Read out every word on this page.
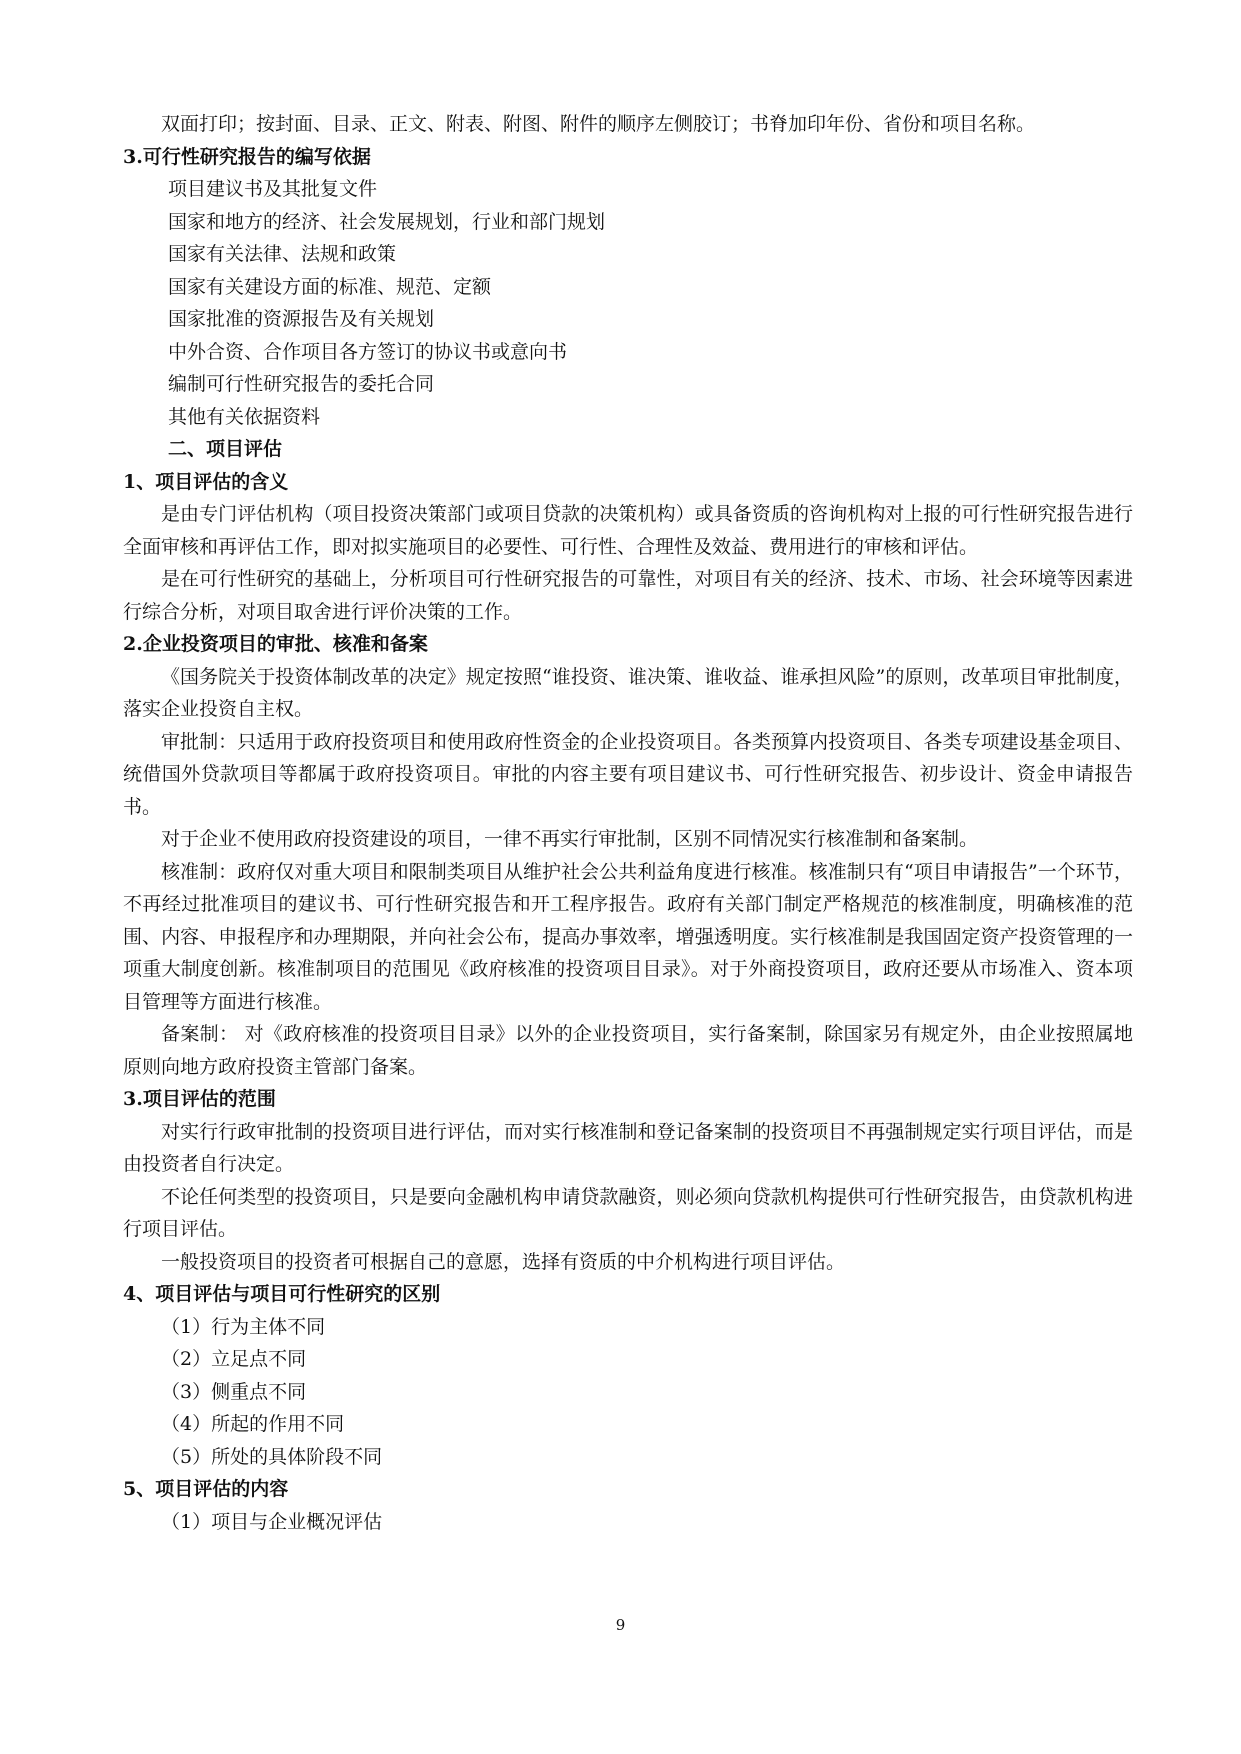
双面打印；按封面、目录、正文、附表、附图、附件的顺序左侧胶订；书脊加印年份、省份和项目名称。

3.可行性研究报告的编写依据

项目建议书及其批复文件

国家和地方的经济、社会发展规划，行业和部门规划

国家有关法律、法规和政策

国家有关建设方面的标准、规范、定额

国家批准的资源报告及有关规划

中外合资、合作项目各方签订的协议书或意向书

编制可行性研究报告的委托合同

其他有关依据资料

二、项目评估

1、项目评估的含义

是由专门评估机构（项目投资决策部门或项目贷款的决策机构）或具备资质的咨询机构对上报的可行性研究报告进行全面审核和再评估工作，即对拟实施项目的必要性、可行性、合理性及效益、费用进行的审核和评估。

是在可行性研究的基础上，分析项目可行性研究报告的可靠性，对项目有关的经济、技术、市场、社会环境等因素进行综合分析，对项目取舍进行评价决策的工作。

2.企业投资项目的审批、核准和备案

《国务院关于投资体制改革的决定》规定按照“谁投资、谁决策、谁收益、谁承担风险”的原则，改革项目审批制度，落实企业投资自主权。

审批制：只适用于政府投资项目和使用政府性资金的企业投资项目。各类预算内投资项目、各类专项建设基金项目、统借国外贷款项目等都属于政府投资项目。审批的内容主要有项目建议书、可行性研究报告、初步设计、资金申请报告书。

对于企业不使用政府投资建设的项目，一律不再实行审批制，区别不同情况实行核准制和备案制。

核准制：政府仅对重大项目和限制类项目从维护社会公共利益角度进行核准。核准制只有“项目申请报告”一个环节，不再经过批准项目的建议书、可行性研究报告和开工程序报告。政府有关部门制定严格规范的核准制度，明确核准的范围、内容、申报程序和办理期限，并向社会公布，提高办事效率，增强透明度。实行核准制是我国固定资产投资管理的一项重大制度创新。核准制项目的范围见《政府核准的投资项目目录》。对于外商投资项目，政府还要从市场准入、资本项目管理等方面进行核准。

备案制： 对《政府核准的投资项目目录》以外的企业投资项目，实行备案制，除国家另有规定外，由企业按照属地原则向地方政府投资主管部门备案。

3.项目评估的范围

对实行行政审批制的投资项目进行评估，而对实行核准制和登记备案制的投资项目不再强制规定实行项目评估，而是由投资者自行决定。

不论任何类型的投资项目，只是要向金融机构申请贷款融资，则必须向贷款机构提供可行性研究报告，由贷款机构进行项目评估。

一般投资项目的投资者可根据自己的意愿，选择有资质的中介机构进行项目评估。

4、项目评估与项目可行性研究的区别

（1）行为主体不同

（2）立足点不同

（3）侧重点不同

（4）所起的作用不同

（5）所处的具体阶段不同

5、项目评估的内容

（1）项目与企业概况评估

9
